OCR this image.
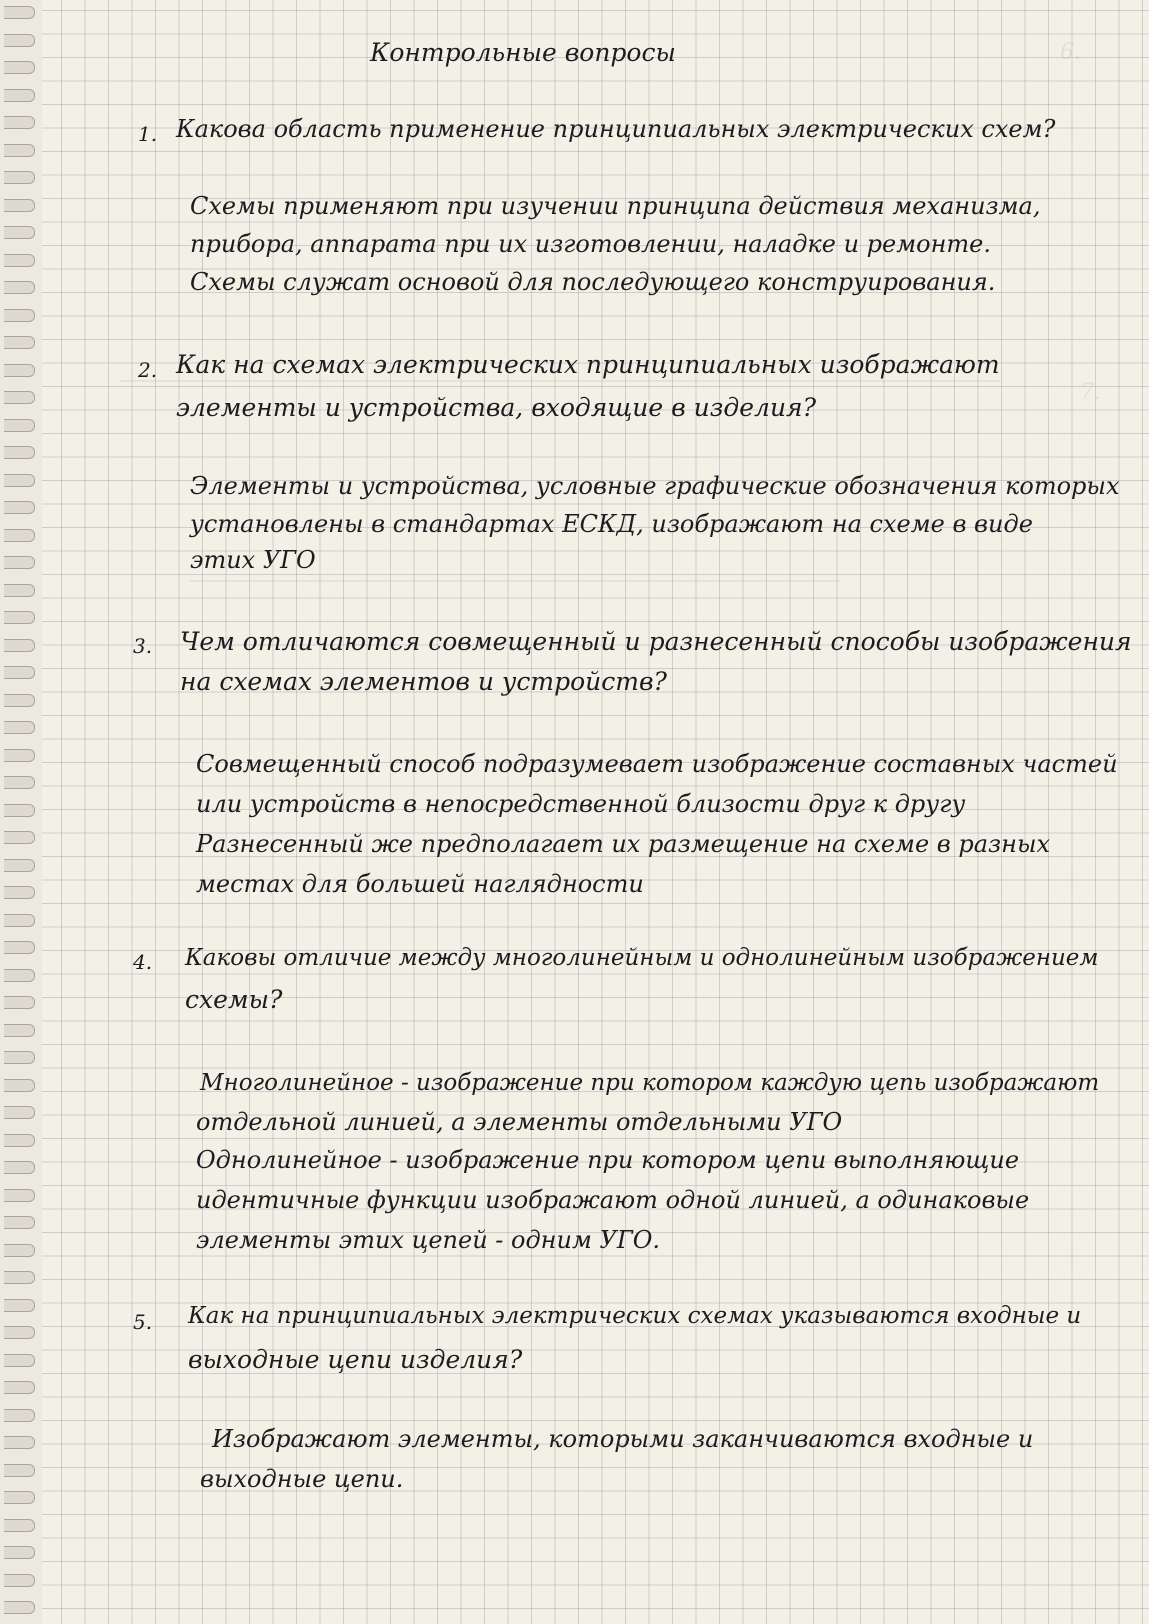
6.
7.
Контрольные вопросы
1. Какова область применение принципиальных электрических схем?
Схемы применяют при изучении принципа действия механизма,
прибора, аппарата при их изготовлении, наладке и ремонте.
Схемы служат основой для последующего конструирования.
2. Как на схемах электрических принципиальных изображают
элементы и устройства, входящие в изделия?
Элементы и устройства, условные графические обозначения которых
установлены в стандартах ЕСКД, изображают на схеме в виде
этих УГО
3. Чем отличаются совмещенный и разнесенный способы изображения
на схемах элементов и устройств?
Совмещенный способ подразумевает изображение составных частей
или устройств в непосредственной близости друг к другу
Разнесенный же предполагает их размещение на схеме в разных
местах для большей наглядности
4. Каковы отличие между многолинейным и однолинейным изображением
схемы?
Многолинейное - изображение при котором каждую цепь изображают
отдельной линией, а элементы отдельными УГО
Однолинейное - изображение при котором цепи выполняющие
идентичные функции изображают одной линией, а одинаковые
элементы этих цепей - одним УГО.
5. Как на принципиальных электрических схемах указываются входные и
выходные цепи изделия?
Изображают элементы, которыми заканчиваются входные и
выходные цепи.
